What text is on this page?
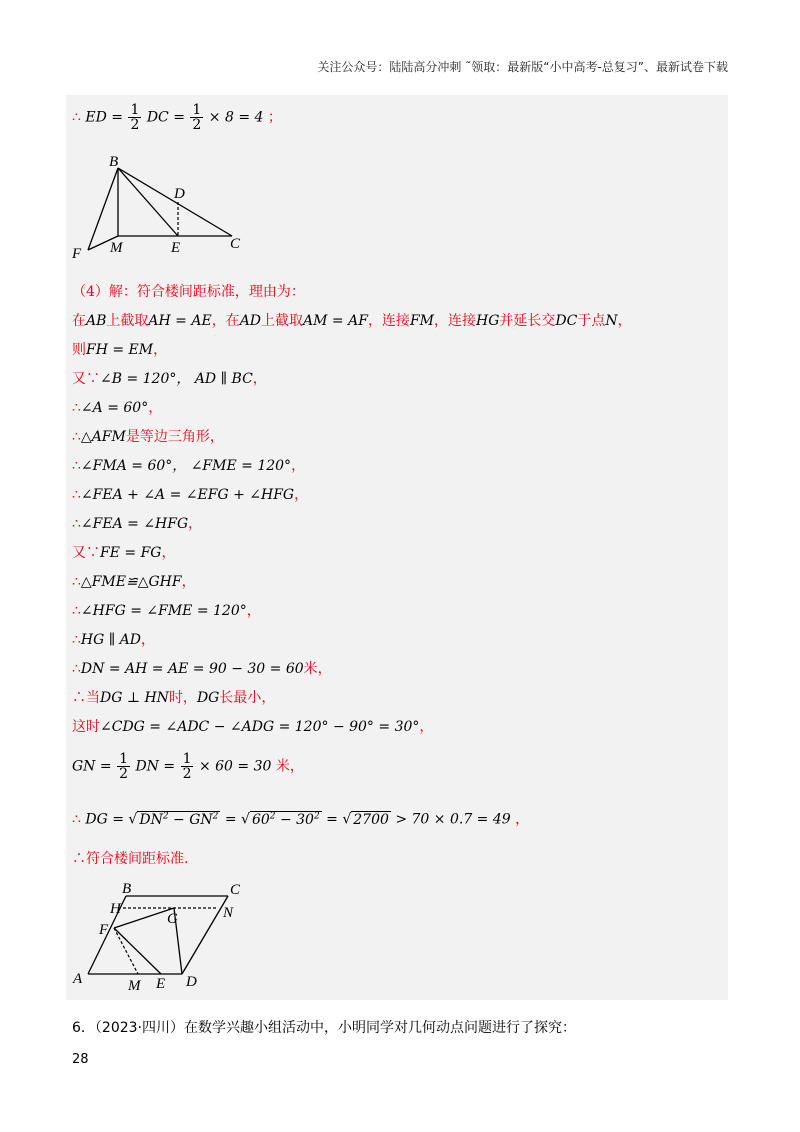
关注公众号：陆陆高分冲刺 ˜领取：最新版“小中高考-总复习”、最新试卷下载
∴ ED = $\frac{1}{2}$ DC = $\frac{1}{2} \times 8 = 4$ ；
B
D
F M	E	C
（4）解：符合楼间距标准，理由为：
在AB上截取AH = AE，在AD上截取AM = AF，连接FM，连接HG并延长交DC于点N，
则FH = EM，
又∵∠B = 120°， AD ∥ BC，
∴∠A = 60°，
∴△AFM是等边三角形，
∴∠FMA = 60°， ∠FME = 120°，
∴∠FEA + ∠A = ∠EFG + ∠HFG，
∴∠FEA = ∠HFG，
又∵FE = FG，
∴△FME≌△GHF，
∴∠HFG = ∠FME = 120°，
∴HG ∥ AD，
∴DN = AH = AE = 90 − 30 = 60米，
∴当DG ⊥ HN时，DG长最小，
这时∠CDG = ∠ADC − ∠ADG = 120° − 90° = 30°，
GN = $\frac{1}{2}$ DN = $\frac{1}{2} \times 60 = 30$ 米，
∴ DG = √ $DN^2 - GN^2$ = √ $60^2 - 30^2$ = √ 2700 > 70 × 0.7 = 49 ，
∴符合楼间距标准.
B	C
H
G	N
F
A	M E D
6．（2023·四川）在数学兴趣小组活动中，小明同学对几何动点问题进行了探究：
28
